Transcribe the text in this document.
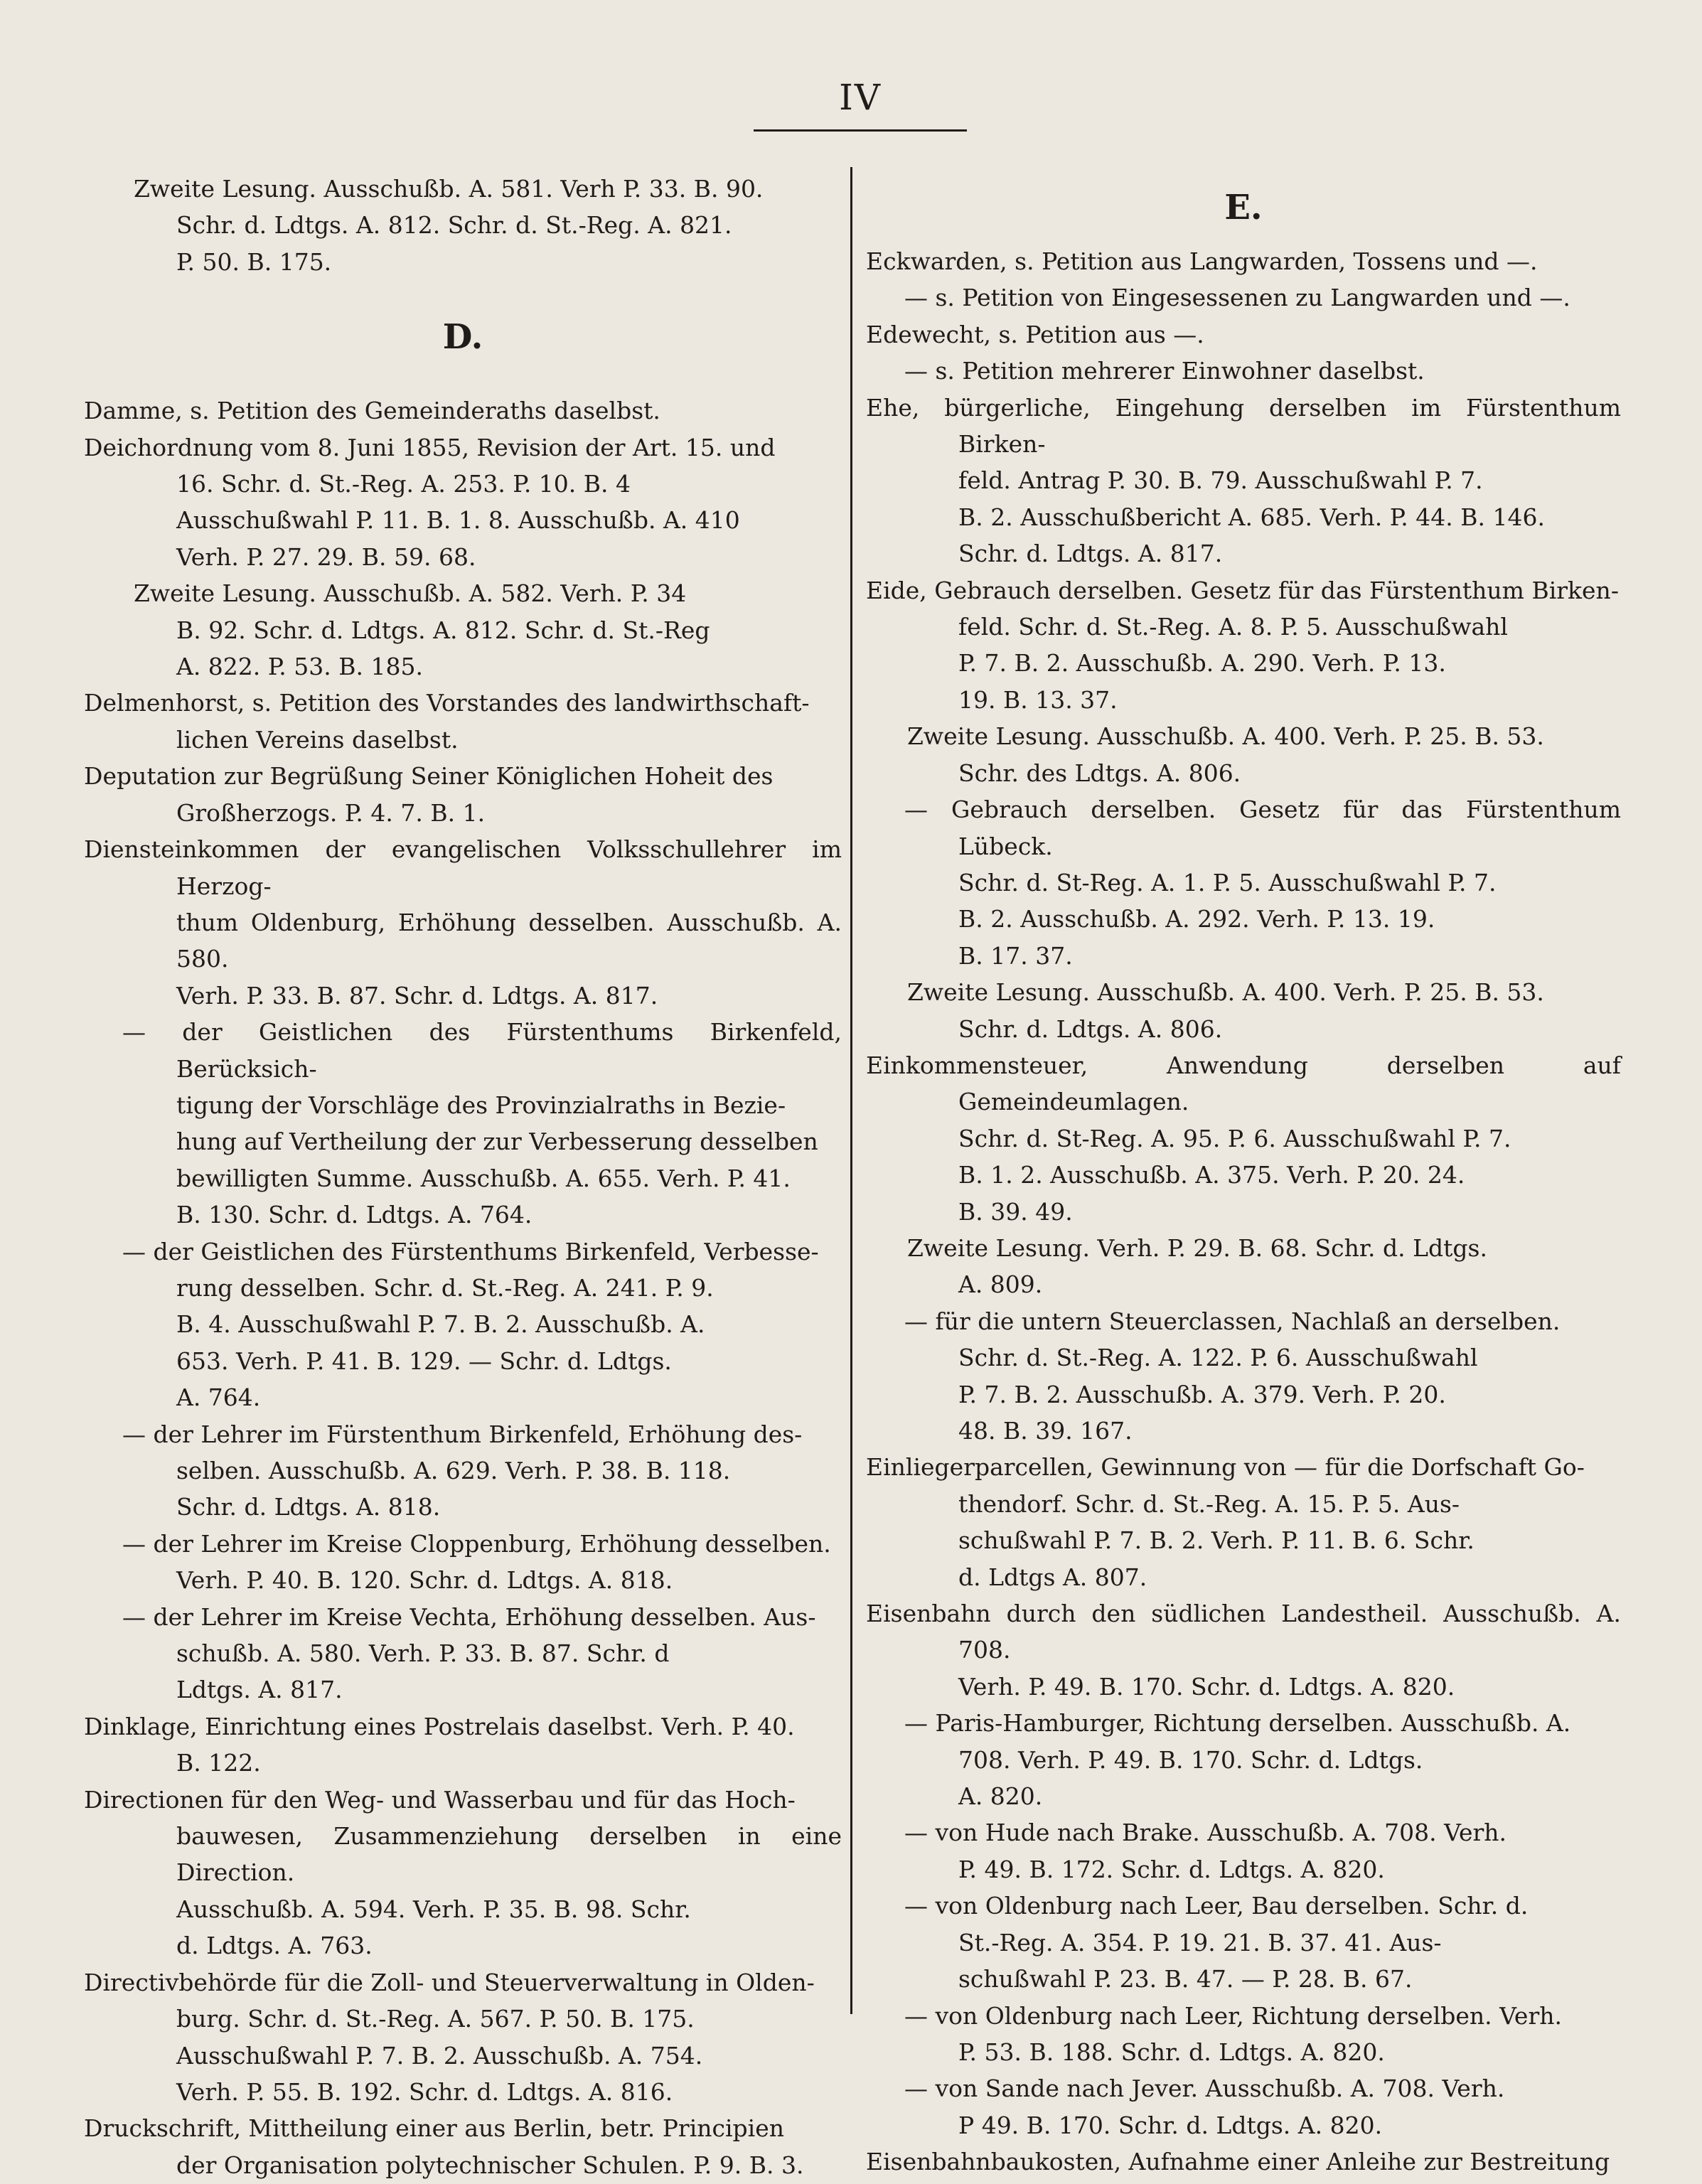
IV
Zweite Lesung. Ausschußb. A. 581. Verh P. 33. B. 90.
Schr. d. Ldtgs. A. 812. Schr. d. St.-Reg. A. 821.
P. 50. B. 175.
D.
Damme, s. Petition des Gemeinderaths daselbst.
Deichordnung vom 8. Juni 1855, Revision der Art. 15. und
16. Schr. d. St.-Reg. A. 253. P. 10. B. 4
Ausschußwahl P. 11. B. 1. 8. Ausschußb. A. 410
Verh. P. 27. 29. B. 59. 68.
Zweite Lesung. Ausschußb. A. 582. Verh. P. 34
B. 92. Schr. d. Ldtgs. A. 812. Schr. d. St.-Reg
A. 822. P. 53. B. 185.
Delmenhorst, s. Petition des Vorstandes des landwirthschaft-
lichen Vereins daselbst.
Deputation zur Begrüßung Seiner Königlichen Hoheit des
Großherzogs. P. 4. 7. B. 1.
Diensteinkommen der evangelischen Volksschullehrer im Herzog-
thum Oldenburg, Erhöhung desselben. Ausschußb. A. 580.
Verh. P. 33. B. 87. Schr. d. Ldtgs. A. 817.
— der Geistlichen des Fürstenthums Birkenfeld, Berücksich-
tigung der Vorschläge des Provinzialraths in Bezie-
hung auf Vertheilung der zur Verbesserung desselben
bewilligten Summe. Ausschußb. A. 655. Verh. P. 41.
B. 130. Schr. d. Ldtgs. A. 764.
— der Geistlichen des Fürstenthums Birkenfeld, Verbesse-
rung desselben. Schr. d. St.-Reg. A. 241. P. 9.
B. 4. Ausschußwahl P. 7. B. 2. Ausschußb. A.
653. Verh. P. 41. B. 129. — Schr. d. Ldtgs.
A. 764.
— der Lehrer im Fürstenthum Birkenfeld, Erhöhung des-
selben. Ausschußb. A. 629. Verh. P. 38. B. 118.
Schr. d. Ldtgs. A. 818.
— der Lehrer im Kreise Cloppenburg, Erhöhung desselben.
Verh. P. 40. B. 120. Schr. d. Ldtgs. A. 818.
— der Lehrer im Kreise Vechta, Erhöhung desselben. Aus-
schußb. A. 580. Verh. P. 33. B. 87. Schr. d
Ldtgs. A. 817.
Dinklage, Einrichtung eines Postrelais daselbst. Verh. P. 40.
B. 122.
Directionen für den Weg- und Wasserbau und für das Hoch-
bauwesen, Zusammenziehung derselben in eine Direction.
Ausschußb. A. 594. Verh. P. 35. B. 98. Schr.
d. Ldtgs. A. 763.
Directivbehörde für die Zoll- und Steuerverwaltung in Olden-
burg. Schr. d. St.-Reg. A. 567. P. 50. B. 175.
Ausschußwahl P. 7. B. 2. Ausschußb. A. 754.
Verh. P. 55. B. 192. Schr. d. Ldtgs. A. 816.
Druckschrift, Mittheilung einer aus Berlin, betr. Principien
der Organisation polytechnischer Schulen. P. 9. B. 3.
E.
Eckwarden, s. Petition aus Langwarden, Tossens und —.
— s. Petition von Eingesessenen zu Langwarden und —.
Edewecht, s. Petition aus —.
— s. Petition mehrerer Einwohner daselbst.
Ehe, bürgerliche, Eingehung derselben im Fürstenthum Birken-
feld. Antrag P. 30. B. 79. Ausschußwahl P. 7.
B. 2. Ausschußbericht A. 685. Verh. P. 44. B. 146.
Schr. d. Ldtgs. A. 817.
Eide, Gebrauch derselben. Gesetz für das Fürstenthum Birken-
feld. Schr. d. St.-Reg. A. 8. P. 5. Ausschußwahl
P. 7. B. 2. Ausschußb. A. 290. Verh. P. 13.
19. B. 13. 37.
Zweite Lesung. Ausschußb. A. 400. Verh. P. 25. B. 53.
Schr. des Ldtgs. A. 806.
— Gebrauch derselben. Gesetz für das Fürstenthum Lübeck.
Schr. d. St-Reg. A. 1. P. 5. Ausschußwahl P. 7.
B. 2. Ausschußb. A. 292. Verh. P. 13. 19.
B. 17. 37.
Zweite Lesung. Ausschußb. A. 400. Verh. P. 25. B. 53.
Schr. d. Ldtgs. A. 806.
Einkommensteuer, Anwendung derselben auf Gemeindeumlagen.
Schr. d. St-Reg. A. 95. P. 6. Ausschußwahl P. 7.
B. 1. 2. Ausschußb. A. 375. Verh. P. 20. 24.
B. 39. 49.
Zweite Lesung. Verh. P. 29. B. 68. Schr. d. Ldtgs.
A. 809.
— für die untern Steuerclassen, Nachlaß an derselben.
Schr. d. St.-Reg. A. 122. P. 6. Ausschußwahl
P. 7. B. 2. Ausschußb. A. 379. Verh. P. 20.
48. B. 39. 167.
Einliegerparcellen, Gewinnung von — für die Dorfschaft Go-
thendorf. Schr. d. St.-Reg. A. 15. P. 5. Aus-
schußwahl P. 7. B. 2. Verh. P. 11. B. 6. Schr.
d. Ldtgs A. 807.
Eisenbahn durch den südlichen Landestheil. Ausschußb. A. 708.
Verh. P. 49. B. 170. Schr. d. Ldtgs. A. 820.
— Paris-Hamburger, Richtung derselben. Ausschußb. A.
708. Verh. P. 49. B. 170. Schr. d. Ldtgs.
A. 820.
— von Hude nach Brake. Ausschußb. A. 708. Verh.
P. 49. B. 172. Schr. d. Ldtgs. A. 820.
— von Oldenburg nach Leer, Bau derselben. Schr. d.
St.-Reg. A. 354. P. 19. 21. B. 37. 41. Aus-
schußwahl P. 23. B. 47. — P. 28. B. 67.
— von Oldenburg nach Leer, Richtung derselben. Verh.
P. 53. B. 188. Schr. d. Ldtgs. A. 820.
— von Sande nach Jever. Ausschußb. A. 708. Verh.
P 49. B. 170. Schr. d. Ldtgs. A. 820.
Eisenbahnbaukosten, Aufnahme einer Anleihe zur Bestreitung
